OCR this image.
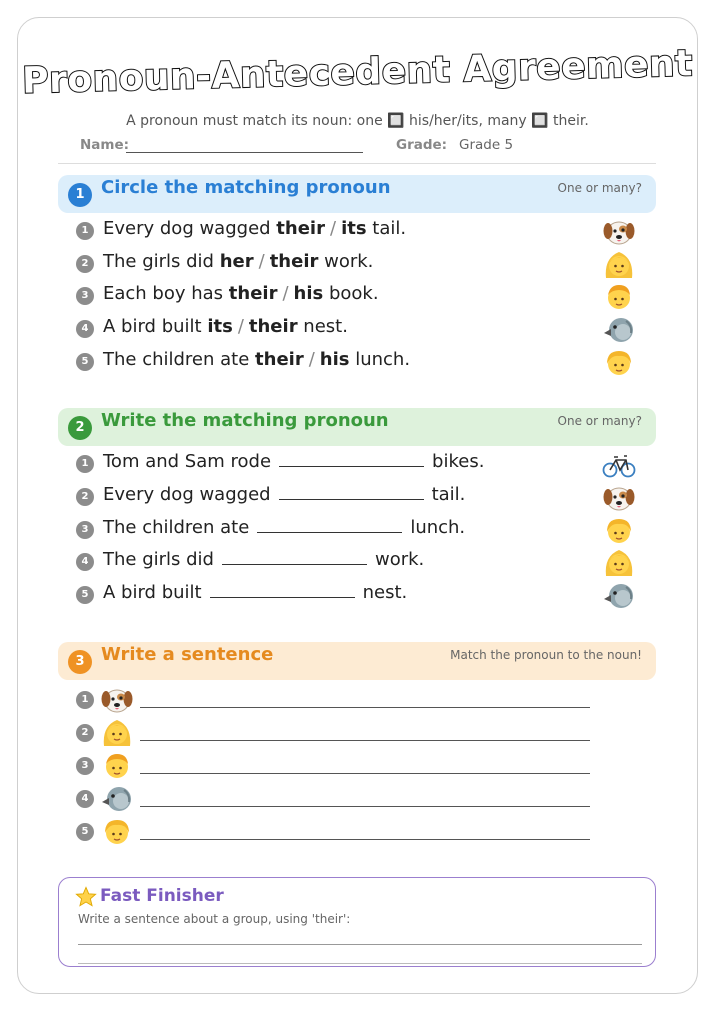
Pronoun-Antecedent Agreement
A pronoun must match its noun: one 🔲 his/her/its, many 🔲 their.
Name:	Grade: Grade 5
1 Circle the matching pronoun	One or many?
1 Every dog wagged their / its tail.
2 The girls did her / their work.
3 Each boy has their / his book.
4 A bird built its / their nest.
5 The children ate their / his lunch.
2 Write the matching pronoun	One or many?
1 Tom and Sam rode	bikes.
2 Every dog wagged	tail.
3 The children ate	lunch.
4 The girls did	work.
5 A bird built	nest.
3 Write a sentence	Match the pronoun to the noun!
1
2
3
4
5
Fast Finisher
Write a sentence about a group, using 'their':
